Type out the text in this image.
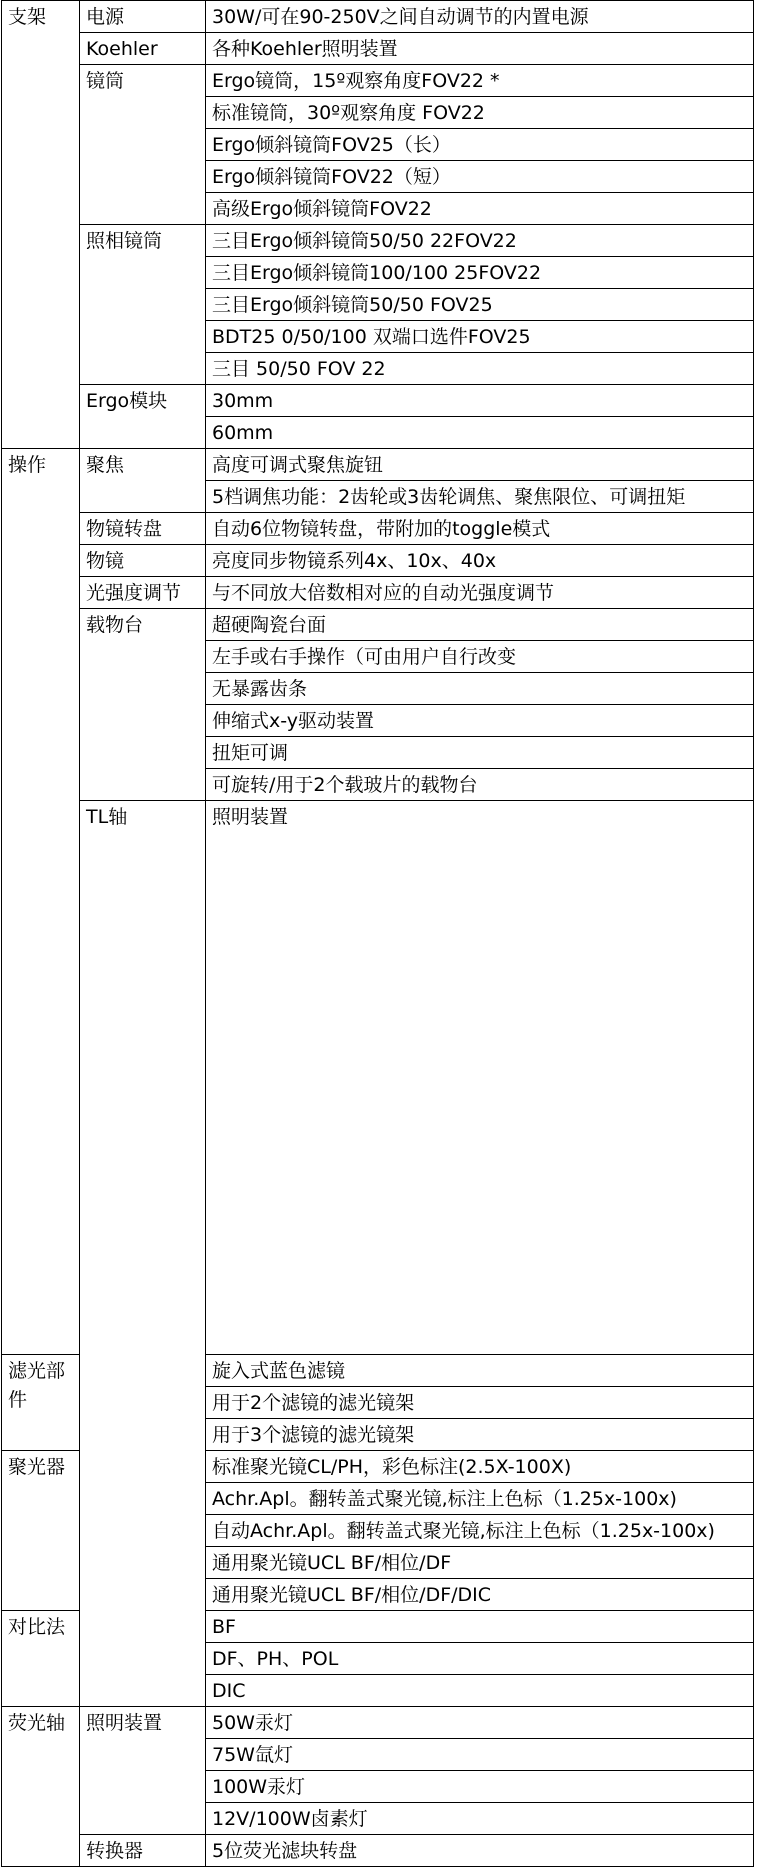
支架	电源	30W/可在90-250V之间自动调节的内置电源	
	Koehler	各种Koehler照明装置	
	镜筒	Ergo镜筒，15º观察角度FOV22 *	
		标准镜筒，30º观察角度 FOV22	
		Ergo倾斜镜筒FOV25（长）	
		Ergo倾斜镜筒FOV22（短）	
		高级Ergo倾斜镜筒FOV22	
	照相镜筒	三目Ergo倾斜镜筒50/50 22FOV22	
		三目Ergo倾斜镜筒100/100 25FOV22	
		三目Ergo倾斜镜筒50/50 FOV25	
		BDT25 0/50/100 双端口选件FOV25	
		三目 50/50 FOV 22	
	Ergo模块	30mm	
		60mm	
操作	聚焦	高度可调式聚焦旋钮	
		5档调焦功能：2齿轮或3齿轮调焦、聚焦限位、可调扭矩	
	物镜转盘	自动6位物镜转盘，带附加的toggle模式	
	物镜	亮度同步物镜系列4x、10x、40x	
	光强度调节	与不同放大倍数相对应的自动光强度调节	
	载物台	超硬陶瓷台面	
		左手或右手操作（可由用户自行改变	
		无暴露齿条	
		伸缩式x-y驱动装置	
		扭矩可调	
		可旋转/用于2个载玻片的载物台	
	TL轴	照明装置	
滤光部件		旋入式蓝色滤镜	
		用于2个滤镜的滤光镜架	
		用于3个滤镜的滤光镜架	
聚光器		标准聚光镜CL/PH，彩色标注(2.5X-100X)	
		Achr.Apl。翻转盖式聚光镜,标注上色标（1.25x-100x)	
		自动Achr.Apl。翻转盖式聚光镜,标注上色标（1.25x-100x)	
		通用聚光镜UCL BF/相位/DF	
		通用聚光镜UCL BF/相位/DF/DIC	
对比法		BF	
		DF、PH、POL	
		DIC	
荧光轴	照明装置	50W汞灯	
		75W氙灯	
		100W汞灯	
		12V/100W卤素灯	
	转换器	5位荧光滤块转盘	
